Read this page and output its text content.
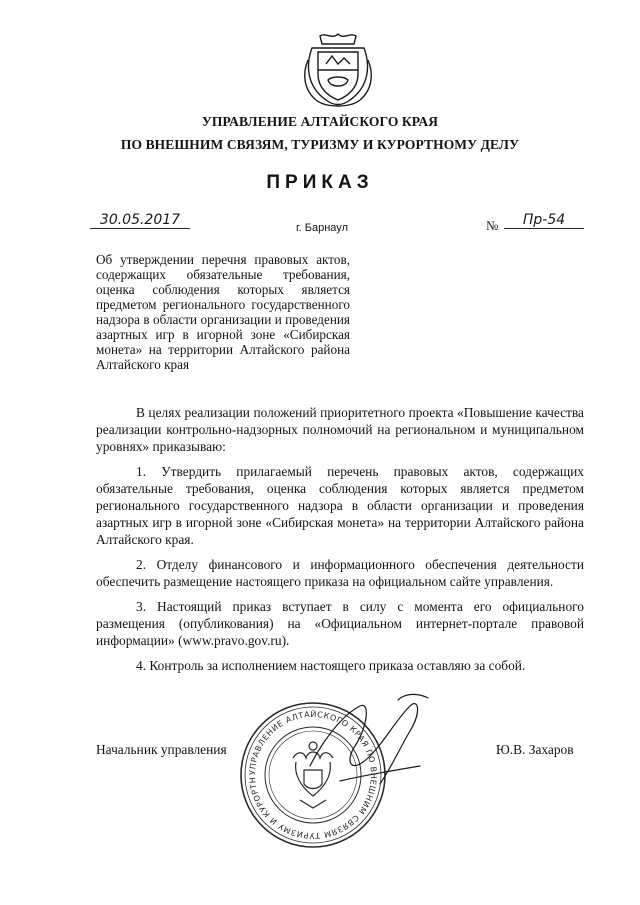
УПРАВЛЕНИЕ АЛТАЙСКОГО КРАЯ
ПО ВНЕШНИМ СВЯЗЯМ, ТУРИЗМУ И КУРОРТНОМУ ДЕЛУ
ПРИКАЗ
30.05.2017	г. Барнаул	№	Пр-54
Об утверждении перечня правовых актов, содержащих обязательные требования, оценка соблюдения которых является предметом регионального государственного надзора в области организации и проведения азартных игр в игорной зоне «Сибирская монета» на территории Алтайского района Алтайского края

В целях реализации положений приоритетного проекта «Повышение качества реализации контрольно-надзорных полномочий на региональном и муниципальном уровнях» приказываю:

1. Утвердить прилагаемый перечень правовых актов, содержащих обязательные требования, оценка соблюдения которых является предметом регионального государственного надзора в области организации и проведения азартных игр в игорной зоне «Сибирская монета» на территории Алтайского района Алтайского края.

2. Отделу финансового и информационного обеспечения деятельности обеспечить размещение настоящего приказа на официальном сайте управления.

3. Настоящий приказ вступает в силу с момента его официального размещения (опубликования) на «Официальном интернет-портале правовой информации» (www.pravo.gov.ru).

4. Контроль за исполнением настоящего приказа оставляю за собой.

УПРАВЛЕНИЕ АЛТАЙСКОГО КРАЯ ПО ВНЕШНИМ СВЯЗЯМ ТУРИЗМУ И КУРОРТН
Начальник управления	Ю.В. Захаров
